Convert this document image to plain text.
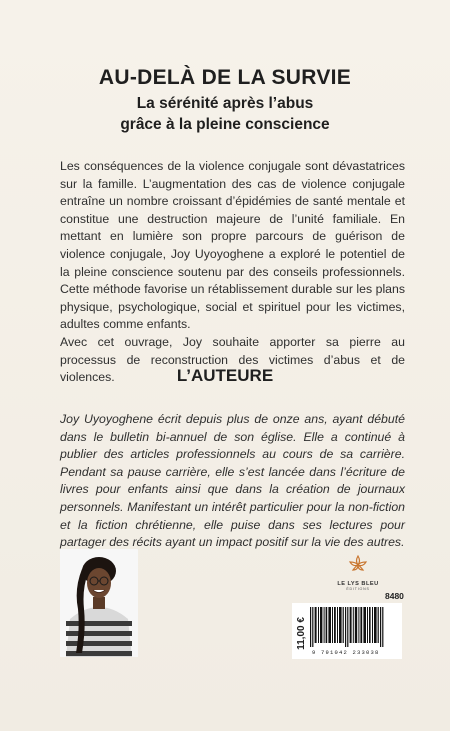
AU-DELÀ DE LA SURVIE
La sérénité après l’abus
grâce à la pleine conscience

Les conséquences de la violence conjugale sont dévastatrices sur la famille. L’augmentation des cas de violence conjugale entraîne un nombre croissant d’épidémies de santé mentale et constitue une destruction majeure de l’unité familiale. En mettant en lumière son propre parcours de guérison de violence conjugale, Joy Uyoyoghene a exploré le potentiel de la pleine conscience soutenu par des conseils professionnels. Cette méthode favorise un rétablissement durable sur les plans physique, psychologique, social et spirituel pour les victimes, adultes comme enfants.

Avec cet ouvrage, Joy souhaite apporter sa pierre au processus de reconstruction des victimes d’abus et de violences.	L’AUTEURE
Joy Uyoyoghene écrit depuis plus de onze ans, ayant débuté dans le bulletin bi-annuel de son église. Elle a continué à publier des articles professionnels au cours de sa carrière. Pendant sa pause carrière, elle s’est lancée dans l’écriture de livres pour enfants ainsi que dans la création de journaux personnels. Manifestant un intérêt particulier pour la non-fiction et la fiction chrétienne, elle puise dans ses lectures pour partager des récits ayant un impact positif sur la vie des autres.
LE LYS BLEU
ÉDITIONS
8480
11,00 €
9 791042 233038
